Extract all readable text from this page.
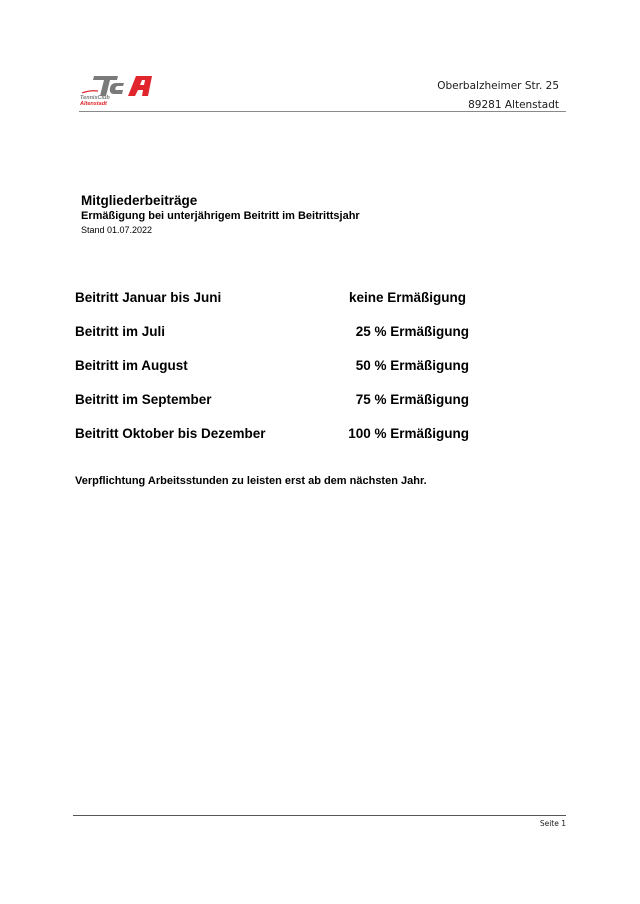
TennisClub
Altenstadt
Oberbalzheimer Str. 25
89281 Altenstadt
Mitgliederbeiträge
Ermäßigung bei unterjährigem Beitritt im Beitrittsjahr
Stand 01.07.2022
Beitritt Januar bis Juni	keine Ermäßigung
Beitritt im Juli	25 % Ermäßigung
Beitritt im August	50 % Ermäßigung
Beitritt im September	75 % Ermäßigung
Beitritt Oktober bis Dezember	100 % Ermäßigung
Verpflichtung Arbeitsstunden zu leisten erst ab dem nächsten Jahr.
Seite 1
